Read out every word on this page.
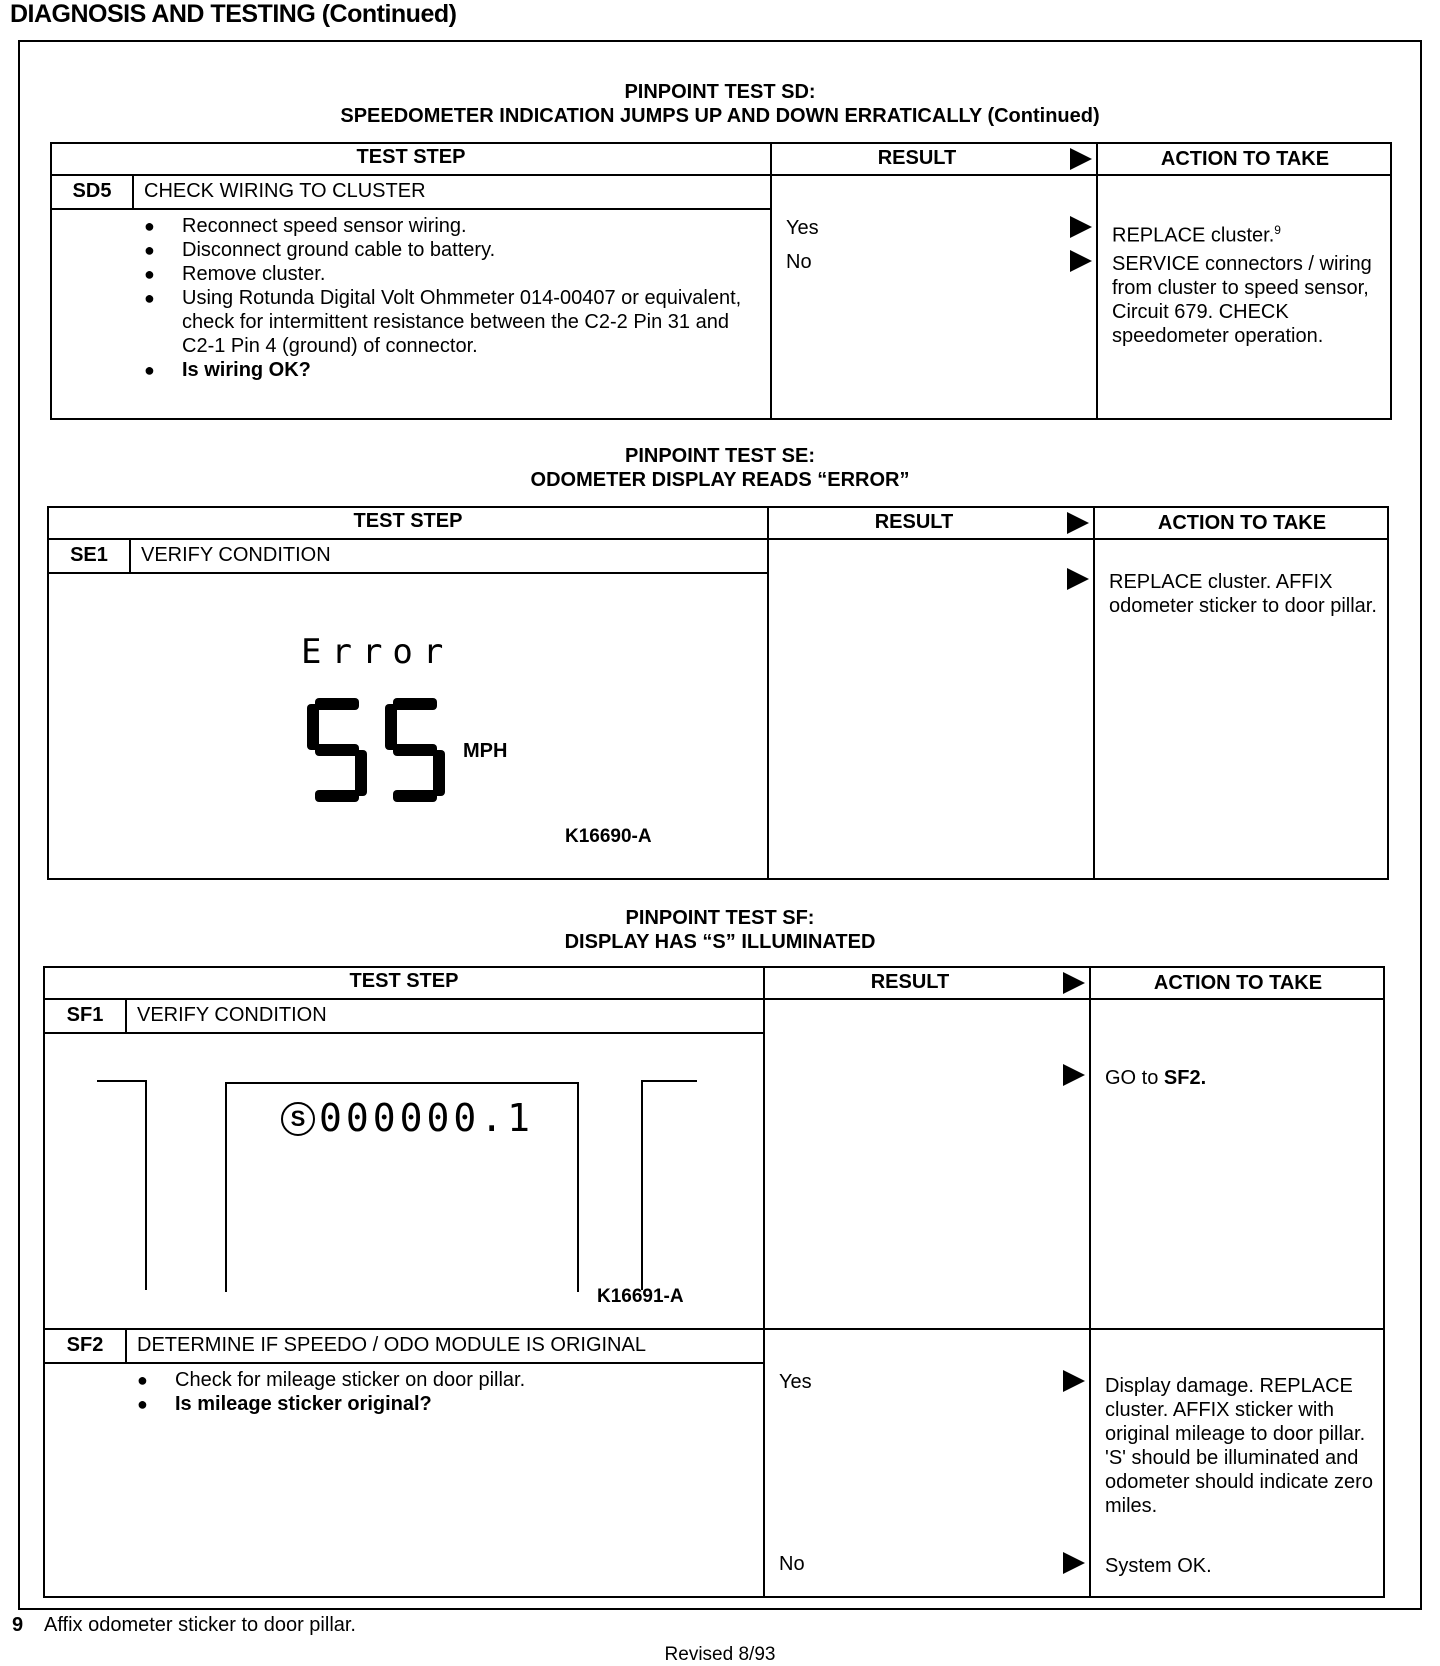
DIAGNOSIS AND TESTING (Continued)
PINPOINT TEST SD:
SPEEDOMETER INDICATION JUMPS UP AND DOWN ERRATICALLY (Continued)
TEST STEP	RESULT	ACTION TO TAKE
SD5	CHECK WIRING TO CLUSTER
● Reconnect speed sensor wiring.
● Disconnect ground cable to battery.
● Remove cluster.
● Using Rotunda Digital Volt Ohmmeter 014-00407 or equivalent, check for intermittent resistance between the C2-2 Pin 31 and C2-1 Pin 4 (ground) of connector.
● Is wiring OK?
Yes	REPLACE cluster.$^9$
No	SERVICE connectors / wiring from cluster to speed sensor, Circuit 679. CHECK speedometer operation.
PINPOINT TEST SE:
ODOMETER DISPLAY READS “ERROR”
TEST STEP	RESULT	ACTION TO TAKE
SE1	VERIFY CONDITION
Error
MPH
K16690-A
REPLACE cluster. AFFIX odometer sticker to door pillar.
PINPOINT TEST SF:
DISPLAY HAS “S” ILLUMINATED
TEST STEP	RESULT	ACTION TO TAKE
SF1	VERIFY CONDITION
S 000000.1
K16691-A
GO to SF2.
SF2	DETERMINE IF SPEEDO / ODO MODULE IS ORIGINAL
● Check for mileage sticker on door pillar.
● Is mileage sticker original?
Yes	Display damage. REPLACE cluster. AFFIX sticker with original mileage to door pillar. 'S' should be illuminated and odometer should indicate zero miles.
No	System OK.
9 Affix odometer sticker to door pillar.
Revised 8/93
